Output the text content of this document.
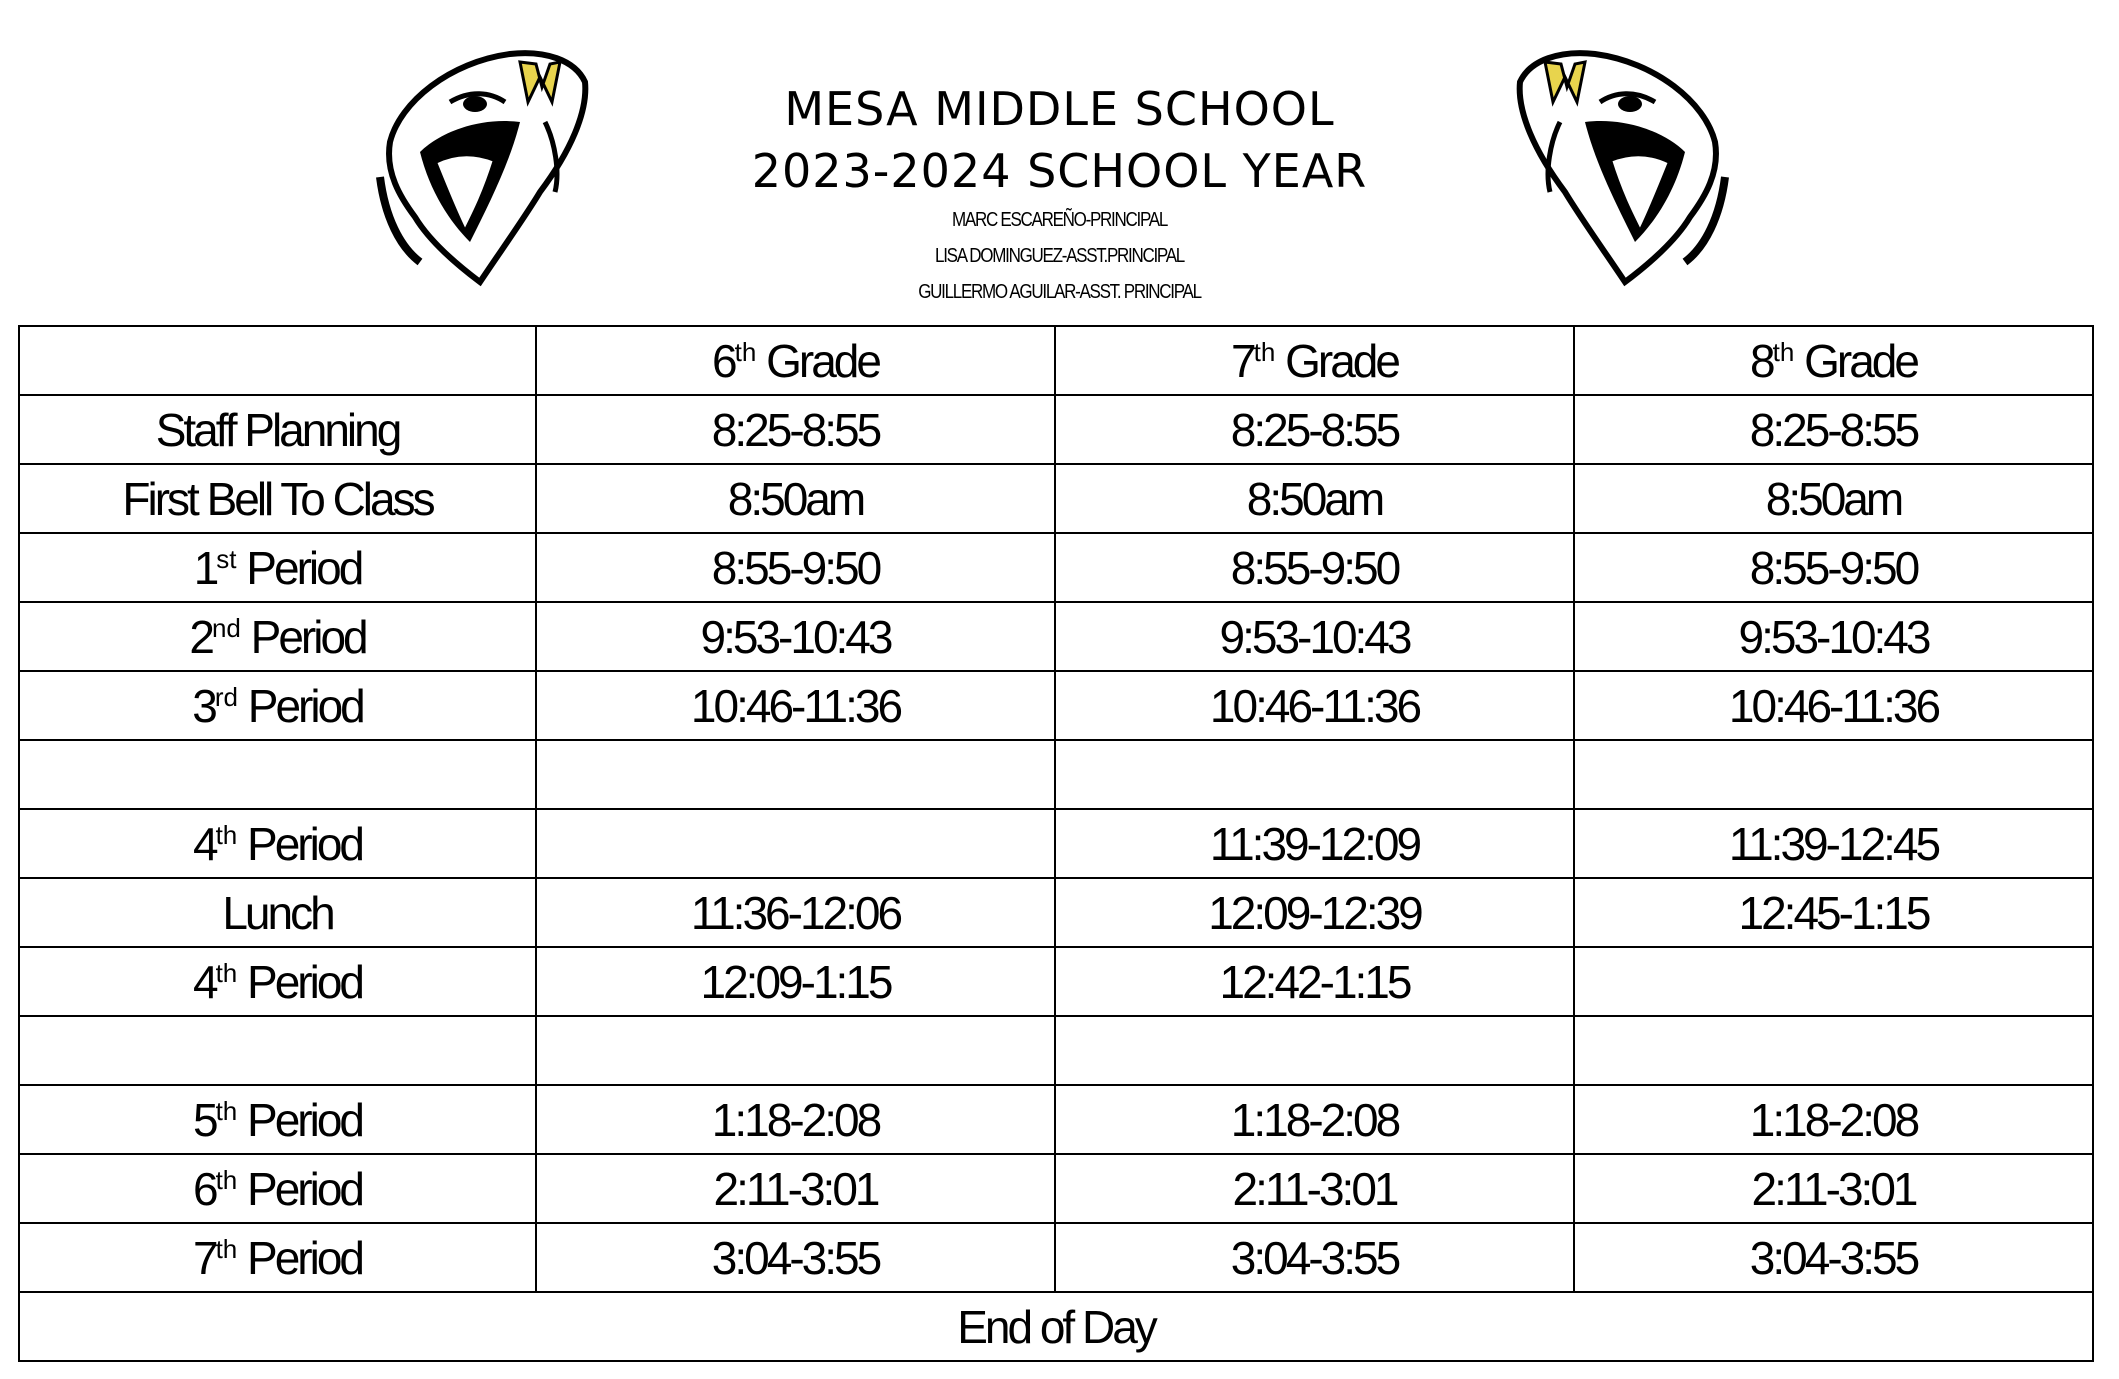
MESA MIDDLE SCHOOL
2023-2024 SCHOOL YEAR
MARC ESCAREÑO-PRINCIPAL
LISA DOMINGUEZ-ASST.PRINCIPAL
GUILLERMO AGUILAR-ASST. PRINCIPAL
	6th Grade	7th Grade	8th Grade
Staff Planning	8:25-8:55	8:25-8:55	8:25-8:55
First Bell To Class	8:50am	8:50am	8:50am
1st Period	8:55-9:50	8:55-9:50	8:55-9:50
2nd Period	9:53-10:43	9:53-10:43	9:53-10:43
3rd Period	10:46-11:36	10:46-11:36	10:46-11:36

4th Period		11:39-12:09	11:39-12:45
Lunch	11:36-12:06	12:09-12:39	12:45-1:15
4th Period	12:09-1:15	12:42-1:15	

5th Period	1:18-2:08	1:18-2:08	1:18-2:08
6th Period	2:11-3:01	2:11-3:01	2:11-3:01
7th Period	3:04-3:55	3:04-3:55	3:04-3:55
End of Day			
